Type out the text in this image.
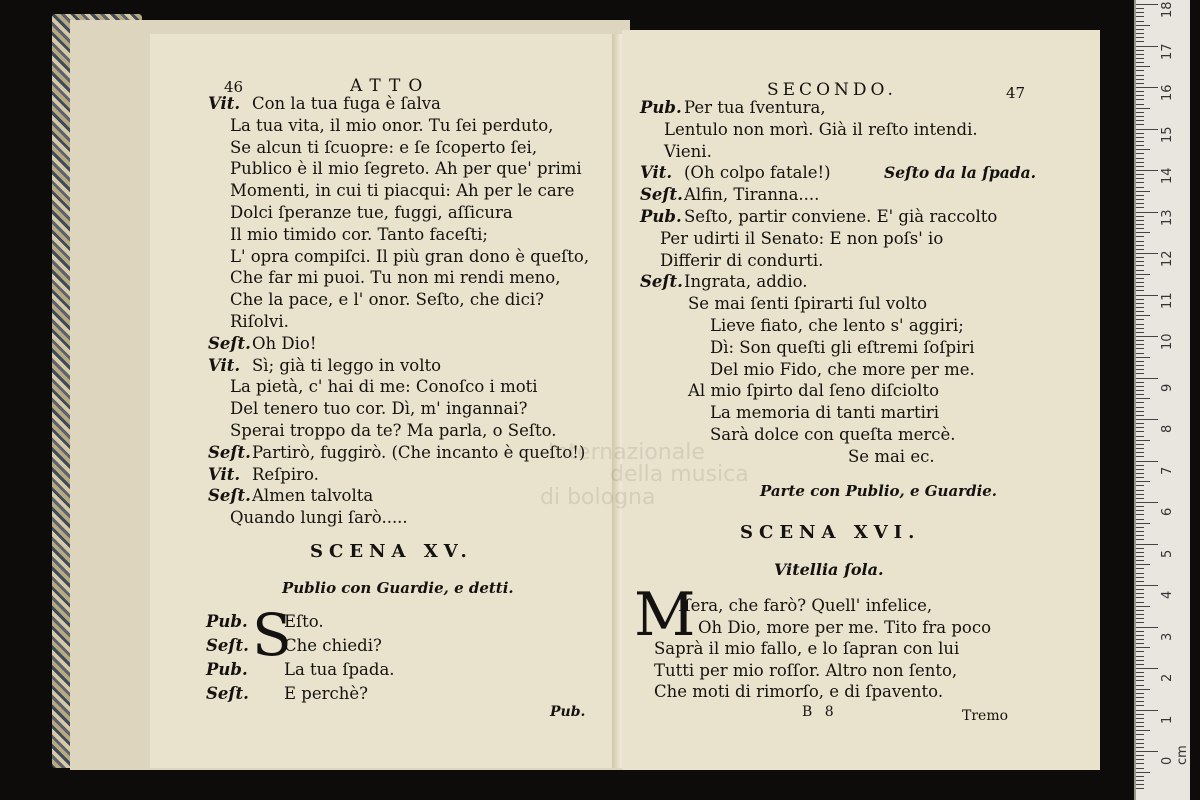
46	ATTO
Vit. Con la tua fuga è ſalva
La tua vita, il mio onor. Tu ſei perduto,
Se alcun ti ſcuopre: e ſe ſcoperto ſei,
Publico è il mio ſegreto. Ah per que' primi
Momenti, in cui ti piacqui: Ah per le care
Dolci ſperanze tue, fuggi, aſſicura
Il mio timido cor. Tanto faceſti;
L' opra compiſci. Il più gran dono è queſto,
Che far mi puoi. Tu non mi rendi meno,
Che la pace, e l' onor. Seſto, che dici?
Riſolvi.
Seſt. Oh Dio!
Vit. Sì; già ti leggo in volto
La pietà, c' hai di me: Conoſco i moti
Del tenero tuo cor. Dì, m' ingannai?
Sperai troppo da te? Ma parla, o Seſto.
Seſt. Partirò, fuggirò. (Che incanto è queſto!)
Vit. Reſpiro.
Seſt. Almen talvolta
Quando lungi ſarò.....
SCENA XV.
Publio con Guardie, e detti.
S
Pub. Eſto.
Seſt. Che chiedi?
Pub. La tua ſpada.
Seſt. E perchè?
Pub.
SECONDO.	47
Pub. Per tua ſventura,
Lentulo non morì. Già il reſto intendi.
Vieni.
Vit. (Oh colpo fatale!)
Seſt. Alfin, Tiranna....
Pub. Seſto, partir conviene. E' già raccolto
Per udirti il Senato: E non poſs' io
Differir di condurti.
Seſt. Ingrata, addio.
Se mai ſenti ſpirarti ſul volto
Lieve fiato, che lento s' aggiri;
Dì: Son queſti gli eſtremi ſoſpiri
Del mio Fido, che more per me.
Al mio ſpirto dal ſeno diſciolto
La memoria di tanti martiri
Sarà dolce con queſta mercè.
Se mai ec.
Seſto da la ſpada.
Parte con Publio, e Guardie.
SCENA XVI.
Vitellia ſola.
M
Iſera, che farò? Quell' infelice,
Oh Dio, more per me. Tito fra poco
Saprà il mio fallo, e lo ſapran con lui
Tutti per mio roſſor. Altro non ſento,
Che moti di rimorſo, e di ſpavento.
B 8	Tremo
Internazionale
della musica
di bologna
18
17
16
15
14
13
12
11
10
9
8
7
6
5
4
3
2
1
0 cm
